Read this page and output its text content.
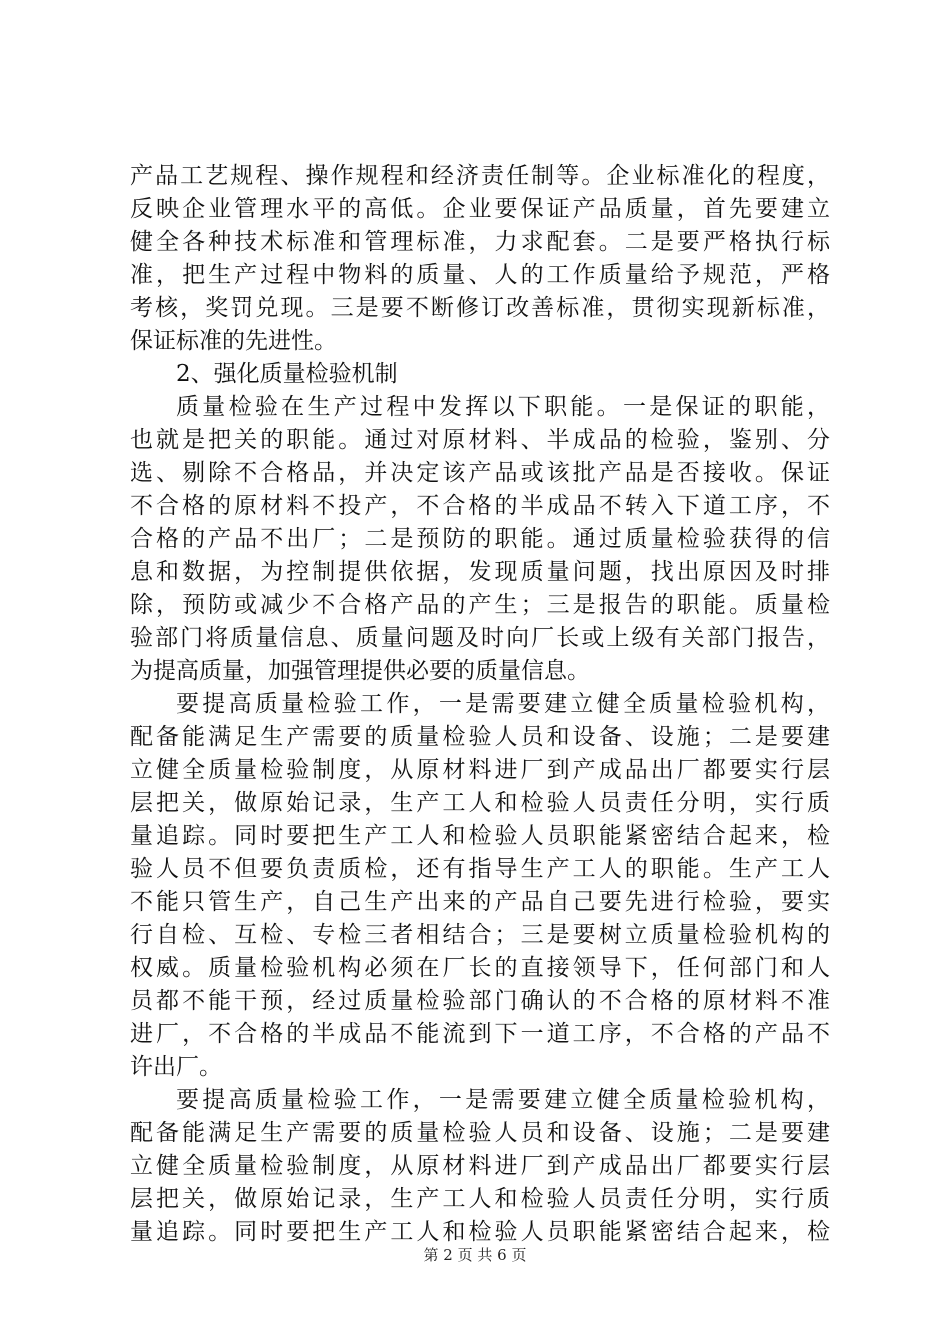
产品工艺规程、操作规程和经济责任制等。企业标准化的程度，
反映企业管理水平的高低。企业要保证产品质量，首先要建立
健全各种技术标准和管理标准，力求配套。二是要严格执行标
准，把生产过程中物料的质量、人的工作质量给予规范，严格
考核，奖罚兑现。三是要不断修订改善标准，贯彻实现新标准，
保证标准的先进性。
2、强化质量检验机制
质量检验在生产过程中发挥以下职能。一是保证的职能，
也就是把关的职能。通过对原材料、半成品的检验，鉴别、分
选、剔除不合格品，并决定该产品或该批产品是否接收。保证
不合格的原材料不投产，不合格的半成品不转入下道工序，不
合格的产品不出厂；二是预防的职能。通过质量检验获得的信
息和数据，为控制提供依据，发现质量问题，找出原因及时排
除，预防或减少不合格产品的产生；三是报告的职能。质量检
验部门将质量信息、质量问题及时向厂长或上级有关部门报告，
为提高质量，加强管理提供必要的质量信息。
要提高质量检验工作，一是需要建立健全质量检验机构，
配备能满足生产需要的质量检验人员和设备、设施；二是要建
立健全质量检验制度，从原材料进厂到产成品出厂都要实行层
层把关，做原始记录，生产工人和检验人员责任分明，实行质
量追踪。同时要把生产工人和检验人员职能紧密结合起来，检
验人员不但要负责质检，还有指导生产工人的职能。生产工人
不能只管生产，自己生产出来的产品自己要先进行检验，要实
行自检、互检、专检三者相结合；三是要树立质量检验机构的
权威。质量检验机构必须在厂长的直接领导下，任何部门和人
员都不能干预，经过质量检验部门确认的不合格的原材料不准
进厂，不合格的半成品不能流到下一道工序，不合格的产品不
许出厂。
要提高质量检验工作，一是需要建立健全质量检验机构，
配备能满足生产需要的质量检验人员和设备、设施；二是要建
立健全质量检验制度，从原材料进厂到产成品出厂都要实行层
层把关，做原始记录，生产工人和检验人员责任分明，实行质
量追踪。同时要把生产工人和检验人员职能紧密结合起来，检
第 2 页 共 6 页
